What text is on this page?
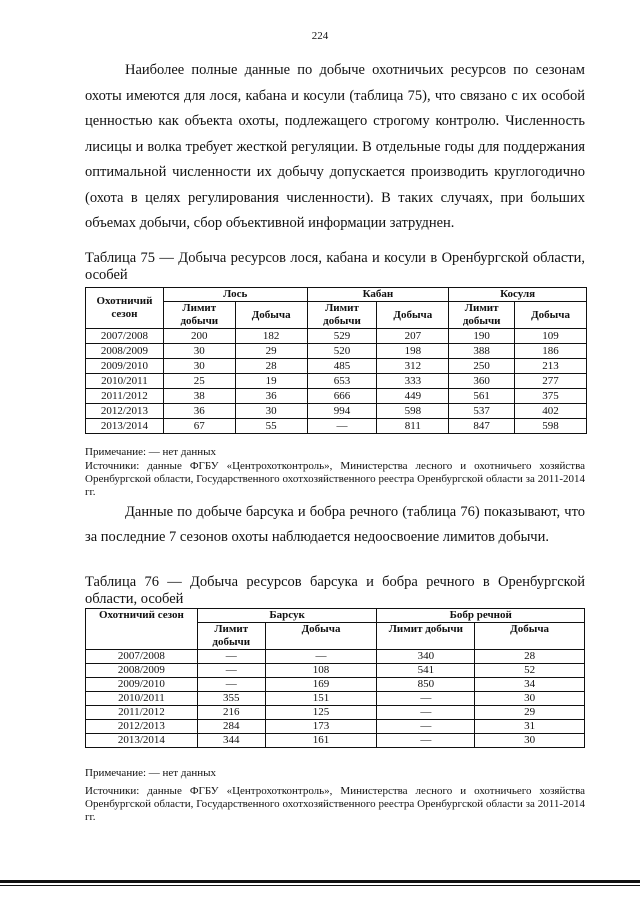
224

Наиболее полные данные по добыче охотничьих ресурсов по сезонам охоты имеются для лося, кабана и косули (таблица 75), что связано с их особой ценностью как объекта охоты, подлежащего строгому контролю. Численность лисицы и волка требует жесткой регуляции. В отдельные годы для поддержания оптимальной численности их добычу допускается производить круглогодично (охота в целях регулирования численности). В таких случаях, при больших объемах добычи, сбор объективной информации затруднен.

Таблица 75 — Добыча ресурсов лося, кабана и косули в Оренбургской области, особей

Охотничий сезон	Лось		Кабан		Косуля	
	Лимит добычи	Добыча	Лимит добычи	Добыча	Лимит добычи	Добыча
2007/2008	200	182	529	207	190	109
2008/2009	30	29	520	198	388	186
2009/2010	30	28	485	312	250	213
2010/2011	25	19	653	333	360	277
2011/2012	38	36	666	449	561	375
2012/2013	36	30	994	598	537	402
2013/2014	67	55	—	811	847	598

Примечание: — нет данных

Источники: данные ФГБУ «Центрохотконтроль», Министерства лесного и охотничьего хозяйства Оренбургской области, Государственного охотхозяйственного реестра Оренбургской области за 2011-2014 гг.

Данные по добыче барсука и бобра речного (таблица 76) показывают, что за последние 7 сезонов охоты наблюдается недоосвоение лимитов добычи.

Таблица 76 — Добыча ресурсов барсука и бобра речного в Оренбургской области, особей

Охотничий сезон	Барсук		Бобр речной	
	Лимит добычи	Добыча	Лимит добычи	Добыча
2007/2008	—	—	340	28
2008/2009	—	108	541	52
2009/2010	—	169	850	34
2010/2011	355	151	—	30
2011/2012	216	125	—	29
2012/2013	284	173	—	31
2013/2014	344	161	—	30

Примечание: — нет данных

Источники: данные ФГБУ «Центрохотконтроль», Министерства лесного и охотничьего хозяйства Оренбургской области, Государственного охотхозяйственного реестра Оренбургской области за 2011-2014 гг.
